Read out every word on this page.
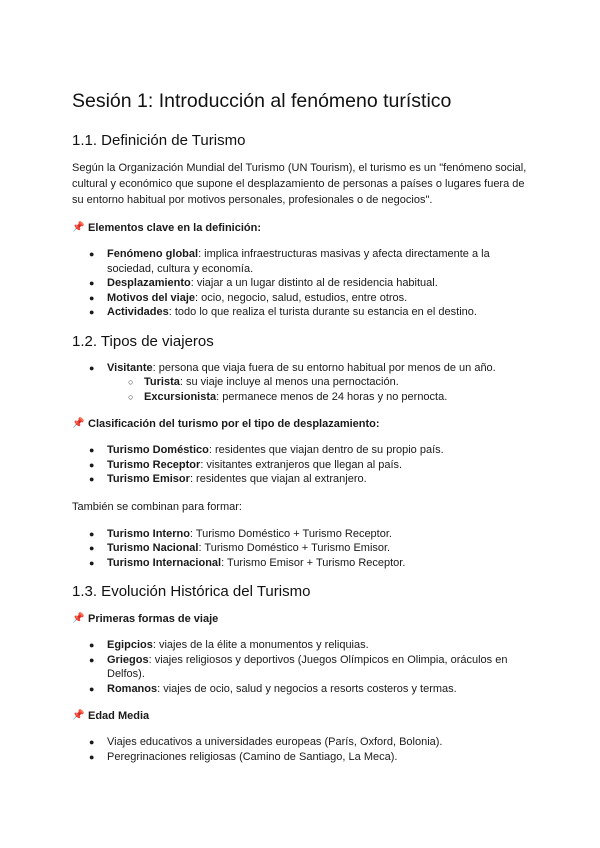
Sesión 1: Introducción al fenómeno turístico
1.1. Definición de Turismo

Según la Organización Mundial del Turismo (UN Tourism), el turismo es un "fenómeno social, cultural y económico que supone el desplazamiento de personas a países o lugares fuera de su entorno habitual por motivos personales, profesionales o de negocios".

📌 Elementos clave en la definición:
● Fenómeno global: implica infraestructuras masivas y afecta directamente a la sociedad, cultura y economía.
● Desplazamiento: viajar a un lugar distinto al de residencia habitual.
● Motivos del viaje: ocio, negocio, salud, estudios, entre otros.
● Actividades: todo lo que realiza el turista durante su estancia en el destino.
1.2. Tipos de viajeros
● Visitante: persona que viaja fuera de su entorno habitual por menos de un año.
○ Turista: su viaje incluye al menos una pernoctación.
○ Excursionista: permanece menos de 24 horas y no pernocta.
📌 Clasificación del turismo por el tipo de desplazamiento:
● Turismo Doméstico: residentes que viajan dentro de su propio país.
● Turismo Receptor: visitantes extranjeros que llegan al país.
● Turismo Emisor: residentes que viajan al extranjero.

También se combinan para formar:

● Turismo Interno: Turismo Doméstico + Turismo Receptor.
● Turismo Nacional: Turismo Doméstico + Turismo Emisor.
● Turismo Internacional: Turismo Emisor + Turismo Receptor.
1.3. Evolución Histórica del Turismo
📌 Primeras formas de viaje
● Egipcios: viajes de la élite a monumentos y reliquias.
● Griegos: viajes religiosos y deportivos (Juegos Olímpicos en Olimpia, oráculos en Delfos).
● Romanos: viajes de ocio, salud y negocios a resorts costeros y termas.
📌 Edad Media
● Viajes educativos a universidades europeas (París, Oxford, Bolonia).
● Peregrinaciones religiosas (Camino de Santiago, La Meca).
